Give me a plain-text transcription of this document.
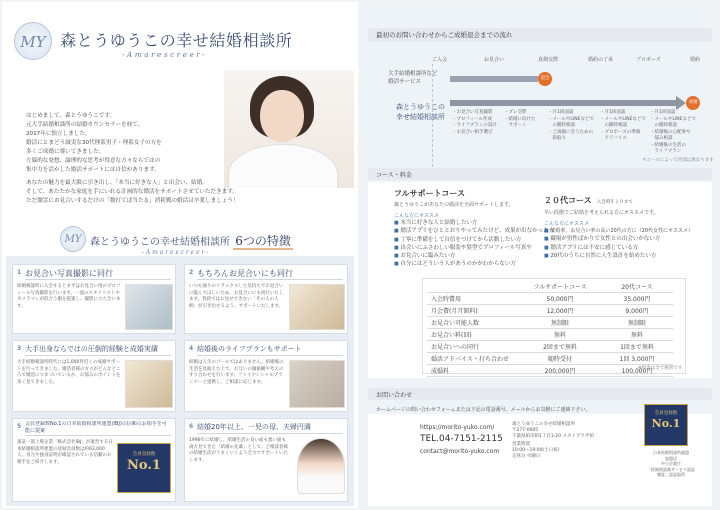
MY 森とうゆうこの幸せ結婚相談所
- A m a r e s c r e e r -
はじめまして、森とうゆうこです。
元大手結婚相談所の結婚カウンセラーを経て、
2017年に独立しました。
婚活にとまどう誠実な30代理系男子・理系女子の方を
多くご成婚に導いてきました。
左脳的な発想、論理的な思考が得意な方々ならではの
集中力を活かした婚活サポートには自信があります。
あなたの魅力を最大限に引き出し、「本当に好きな人」と出会い、結婚。
そして、あたたかな家庭を手にいれる計画的な婚活をサポートさせていただきます。
ただ闇雲にお見合いするだけの「数打てば当たる」消耗戦の婚活は卒業しましょう！
MY 森とうゆうこの幸せ結婚相談所 6つの特徴
- A m a r e s c r e e r -
1 お見合い写真撮影に同行
結婚相談所に入会するとまずはお見合い用のプロフィール写真撮影を行います。一流のスタイリストやカメラマンが似合う服を提案し、撮影に立ち会います。
2 もちろんお見合いにも同行
いつも通りのリラックスした気持ちでお見合いに臨んでほしいため、お見合いにも同行いたします。普段ではお見せできない「その人の人柄」が引き出せるよう、サポートいたします。
3 大手出身ならではの圧倒的経験と成婚実績
大手結婚相談所時代には1,000件近くの成婚サポートを行ってきました。婚活者様の方々がどんなところで婚活につまづいているか、お悩みのポイントを多く見てきました。
4 結婚後のライフプランもサポート
結婚は人生のゴールではありません。結婚後の生活を見据えた上で、お互いの価値観や考えのすり合わせを行います。ファイナンシャルプランナーと提携し、ご相談に応じます。
5 会員登録数No.1の日本結婚相談所連盟(IBJ)の信頼のお相手を可能に提案
東証一部上場企業「株式会社IBJ」が運営する日本結婚相談所連盟の登録会員数は約63,000人。身元や独身証明が確認されている信頼のお相手をご紹介します。
会員登録数
No.1
6 結婚20年以上、一児の母、夫婦円満
1996年に結婚し、結婚生活の良い面も悪い面も両方見てきた「結婚の先輩」として、ご相談者様の結婚生活がうまくいくよう全力でサポートいたします。
最初のお問い合わせからご成婚退会までの流れ
ご入会	お見合い	真剣交際	婚約の了承	プロポーズ	婚約
大手結婚相談所など
婚活サービス
退会
森とうゆうこの
幸せ結婚相談所
成婚
・お見合い写真撮影
・プロフィール作成
・ライフプランの設計
・お見合い相手選び
・プレ交際
・結婚に向けた
　サポート
・月1回面談
・メールやLINEなどで
　の随時相談
・ご両親に会うための
　段取り
・月1回面談
・メールやLINEなどで
　の随時相談
・プロポーズの準備
　アドバイス
・月1回面談
・メールやLINEなどで
　の随時相談
・結婚後の心配事や
　悩み相談
・結婚後の生活の
　ライフプラン
＊コースによって内容は異なります
コース・料金
フルサポートコース
森とうゆうこがあなたの婚活を全面サポートします。
こんな方にオススメ
■ 本当に好きな人と結婚したい方
■ 婚活アプリをひととおりやってみたけど、成果が出なかった方
■ 丁寧に準備をして自信をつけてから活動したい方
■ 出会いにふさわしい服装や髪型でプロフィール写真や
■ お見合いに臨みたい方
■ 自分にはどういう人があうのかがわからない方
２０代コース 入会時年２０まで
早い段階でご結婚を考えられる方にオススメです。
こんな方にオススメ
■ 成婚率、お見合い率の高い20代の方に（20代女性にオススメ）
■ 職場が男性ばかりで女性との出会いがない方
■ 婚活アプリには不安に感じている方
■ 20代のうちに自然に人生設計を始めたい方
	フルサポートコース	20代コース
入会時費用	50,000円	35,000円
月会費(月月額料)	12,000円	9,000円
お見合い可能人数	無制限	無制限
お見合い料(回)	無料	無料
お見合いへの同行	2回まで無料	1回まで無料
婚活アドバイス・打ち合わせ	随時受付	1回 3,000円
成婚料	200,000円	100,000円
※料金は全て税別です
お問い合わせ
ホームページの問い合わせフォームまたは下記の電話番号、メールからお気軽にご連絡下さい。
https://morito-yuko.com/
TEL.04-7151-2115
contact@morito-yuko.com
森とうゆうこの幸せ結婚相談所
〒277-0005
千葉県柏市柏1丁目1-20 スカイプラザ柏
営業時間
10:00〜19:00(土日祝)
定休日 火曜日
会員登録数
No.1
日本結婚相談所連盟
加盟店
中小企業庁
「結婚相談業サービス認証
制度」認証取得
